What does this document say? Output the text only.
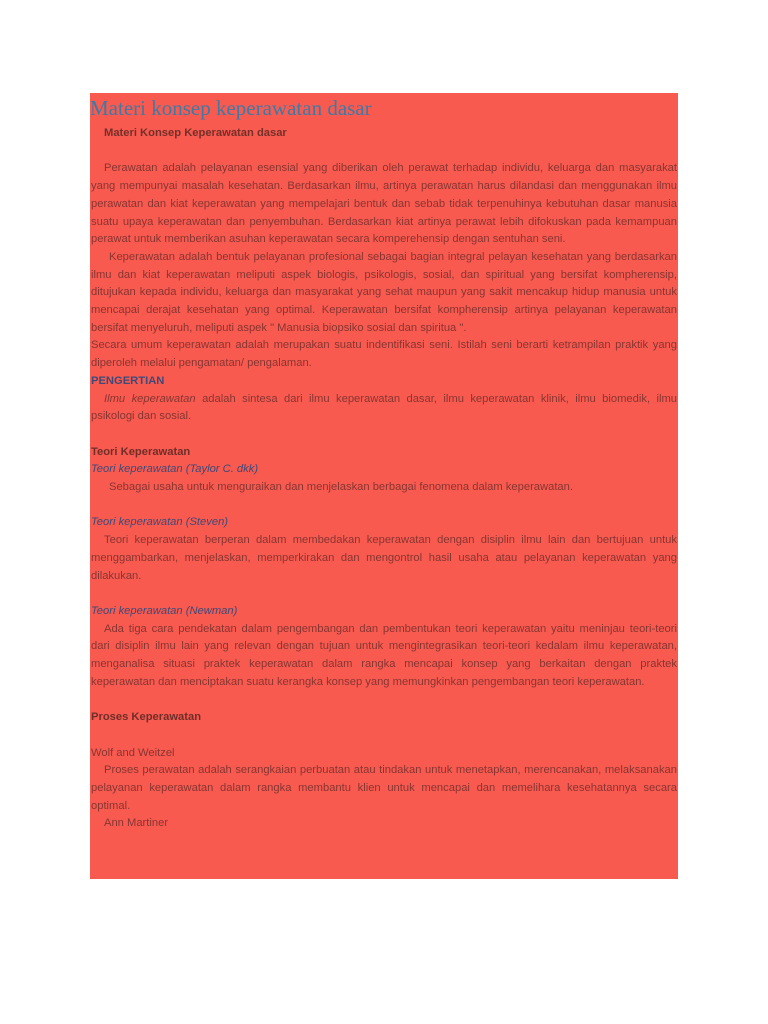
Materi konsep keperawatan dasar

Materi Konsep Keperawatan dasar

Perawatan adalah pelayanan esensial yang diberikan oleh perawat terhadap individu, keluarga dan masyarakat yang mempunyai masalah kesehatan. Berdasarkan ilmu, artinya perawatan harus dilandasi dan menggunakan ilmu perawatan dan kiat keperawatan yang mempelajari bentuk dan sebab tidak terpenuhinya kebutuhan dasar manusia suatu upaya keperawatan dan penyembuhan. Berdasarkan kiat artinya perawat lebih difokuskan pada kemampuan perawat untuk memberikan asuhan keperawatan secara komperehensip dengan sentuhan seni.

Keperawatan adalah bentuk pelayanan profesional sebagai bagian integral pelayan kesehatan yang berdasarkan ilmu dan kiat keperawatan meliputi aspek biologis, psikologis, sosial, dan spiritual yang bersifat kompherensip, ditujukan kepada individu, keluarga dan masyarakat yang sehat maupun yang sakit mencakup hidup manusia untuk mencapai derajat kesehatan yang optimal. Keperawatan bersifat kompherensip artinya pelayanan keperawatan bersifat menyeluruh, meliputi aspek " Manusia biopsiko sosial dan spiritua ".

Secara umum keperawatan adalah merupakan suatu indentifikasi seni. Istilah seni berarti ketrampilan praktik yang diperoleh melalui pengamatan/ pengalaman.

PENGERTIAN

Ilmu keperawatan adalah sintesa dari ilmu keperawatan dasar, ilmu keperawatan klinik, ilmu biomedik, ilmu psikologi dan sosial.

Teori Keperawatan

Teori keperawatan (Taylor C. dkk)

Sebagai usaha untuk menguraikan dan menjelaskan berbagai fenomena dalam keperawatan.

Teori keperawatan (Steven)

Teori keperawatan berperan dalam membedakan keperawatan dengan disiplin ilmu lain dan bertujuan untuk menggambarkan, menjelaskan, memperkirakan dan mengontrol hasil usaha atau pelayanan keperawatan yang dilakukan.

Teori keperawatan (Newman)

Ada tiga cara pendekatan dalam pengembangan dan pembentukan teori keperawatan yaitu meninjau teori-teori dari disiplin ilmu lain yang relevan dengan tujuan untuk mengintegrasikan teori-teori kedalam ilmu keperawatan, menganalisa situasi praktek keperawatan dalam rangka mencapai konsep yang berkaitan dengan praktek keperawatan dan menciptakan suatu kerangka konsep yang memungkinkan pengembangan teori keperawatan.

Proses Keperawatan

Wolf and Weitzel

Proses perawatan adalah serangkaian perbuatan atau tindakan untuk menetapkan, merencanakan, melaksanakan pelayanan keperawatan dalam rangka membantu klien untuk mencapai dan memelihara kesehatannya secara optimal.

Ann Martiner
